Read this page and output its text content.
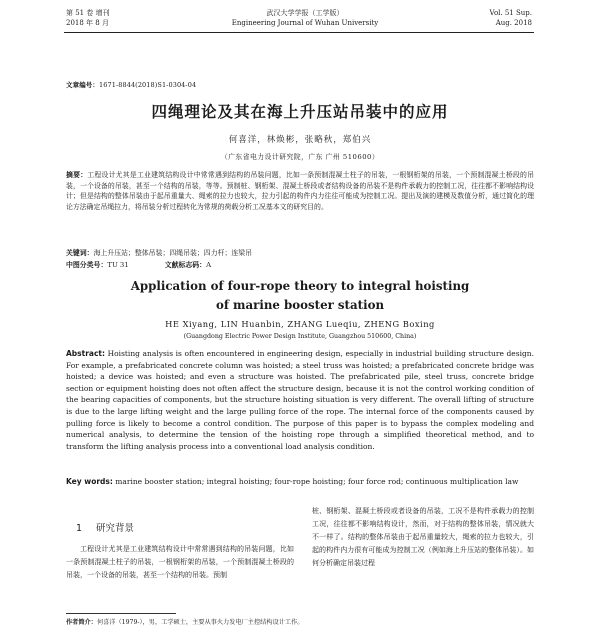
第 51 卷 增刊
2018 年 8 月
武汉大学学报（工学版）
Engineering Journal of Wuhan University
Vol. 51 Sup.
Aug. 2018
文章编号：1671-8844(2018)S1-0304-04
四绳理论及其在海上升压站吊装中的应用
何喜洋，林焕彬，张略秋，郑伯兴
（广东省电力设计研究院，广东 广州 510600）
摘要：工程设计尤其是工业建筑结构设计中常常遇到结构的吊装问题，比如一条预制混凝土柱子的吊装，一根钢桁架的吊装，一个预制混凝土桥段的吊装，一个设备的吊装，甚至一个结构的吊装，等等。预制桩、钢桁架、混凝土桥段或者结构设备的吊装不是构件承载力的控制工况，往往都不影响结构设计；但是结构的整体吊装由于起吊重量大、绳索的拉力也较大，拉力引起的构件内力往往可能成为控制工况。提出及演的建模及数值分析，通过简化的理论方法确定吊绳拉力，将吊装分析过程转化为常规的荷载分析工况基本文的研究目的。
关键词：海上升压站；整体吊装；四绳吊装；四力杆；连梁吊
中图分类号：TU 31	文献标志码：A
Application of four-rope theory to integral hoisting
of marine booster station
HE Xiyang, LIN Huanbin, ZHANG Lueqiu, ZHENG Boxing
(Guangdong Electric Power Design Institute, Guangzhou 510600, China)
Abstract: Hoisting analysis is often encountered in engineering design, especially in industrial building structure design. For example, a prefabricated concrete column was hoisted; a steel truss was hoisted; a prefabricated concrete bridge was hoisted; a device was hoisted; and even a structure was hoisted. The prefabricated pile, steel truss, concrete bridge section or equipment hoisting does not often affect the structure design, because it is not the control working condition of the bearing capacities of components, but the structure hoisting situation is very different. The overall lifting of structure is due to the large lifting weight and the large pulling force of the rope. The internal force of the components caused by pulling force is likely to become a control condition. The purpose of this paper is to bypass the complex modeling and numerical analysis, to determine the tension of the hoisting rope through a simplified theoretical method, and to transform the lifting analysis process into a conventional load analysis condition.
Key words: marine booster station; integral hoisting; four-rope hoisting; four force rod; continuous multiplication law
1 研究背景
工程设计尤其是工业建筑结构设计中常常遇到结构的吊装问题，比如一条预制混凝土柱子的吊装，一根钢桁架的吊装，一个预制混凝土桥段的吊装，一个设备的吊装，甚至一个结构的吊装。预制
桩、钢桁架、混凝土桥段或者设备的吊装，工况不是构件承载力的控制工况，往往都不影响结构设计，然而，对于结构的整体吊装，情况就大不一样了。结构的整体吊装由于起吊重量较大，绳索的拉力也较大，引起的构件内力很有可能成为控制工况（例如海上升压站的整体吊装）。如何分析确定吊装过程
作者简介：何喜洋（1979-），男，工学硕士，主要从事火力发电厂主控结构设计工作。
